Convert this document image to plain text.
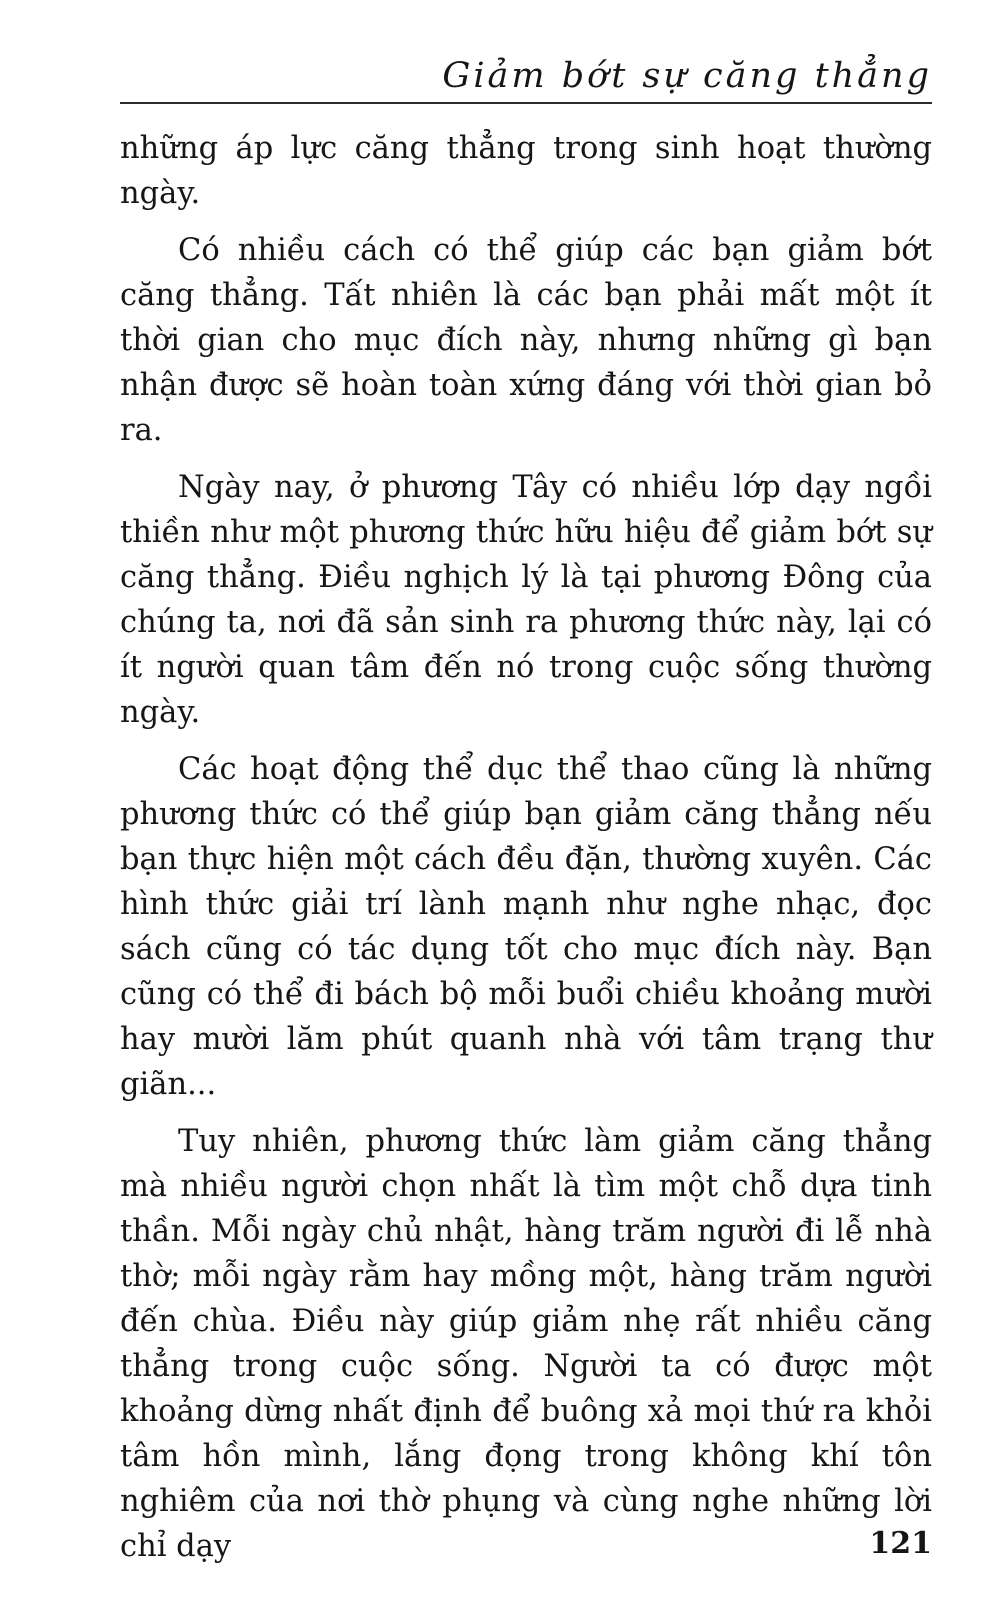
Giảm bớt sự căng thẳng

những áp lực căng thẳng trong sinh hoạt thường ngày.

Có nhiều cách có thể giúp các bạn giảm bớt căng thẳng. Tất nhiên là các bạn phải mất một ít thời gian cho mục đích này, nhưng những gì bạn nhận được sẽ hoàn toàn xứng đáng với thời gian bỏ ra.

Ngày nay, ở phương Tây có nhiều lớp dạy ngồi thiền như một phương thức hữu hiệu để giảm bớt sự căng thẳng. Điều nghịch lý là tại phương Đông của chúng ta, nơi đã sản sinh ra phương thức này, lại có ít người quan tâm đến nó trong cuộc sống thường ngày.

Các hoạt động thể dục thể thao cũng là những phương thức có thể giúp bạn giảm căng thẳng nếu bạn thực hiện một cách đều đặn, thường xuyên. Các hình thức giải trí lành mạnh như nghe nhạc, đọc sách cũng có tác dụng tốt cho mục đích này. Bạn cũng có thể đi bách bộ mỗi buổi chiều khoảng mười hay mười lăm phút quanh nhà với tâm trạng thư giãn...

Tuy nhiên, phương thức làm giảm căng thẳng mà nhiều người chọn nhất là tìm một chỗ dựa tinh thần. Mỗi ngày chủ nhật, hàng trăm người đi lễ nhà thờ; mỗi ngày rằm hay mồng một, hàng trăm người đến chùa. Điều này giúp giảm nhẹ rất nhiều căng thẳng trong cuộc sống. Người ta có được một khoảng dừng nhất định để buông xả mọi thứ ra khỏi tâm hồn mình, lắng đọng trong không khí tôn nghiêm của nơi thờ phụng và cùng nghe những lời chỉ dạy	121
